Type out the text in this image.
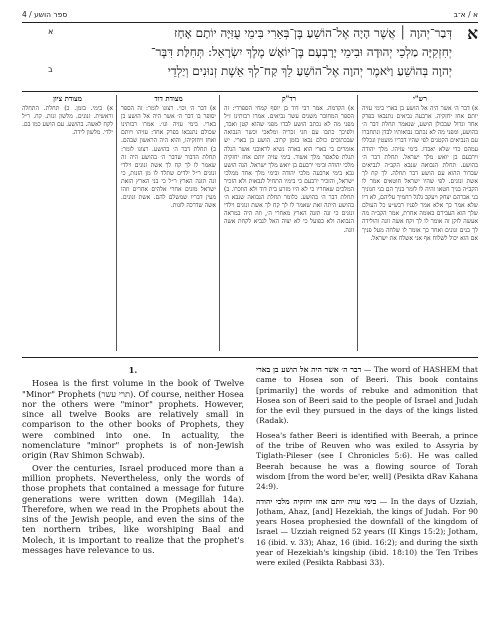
4 / ספר הושע	א / א־ב
א
א	דְּבַר־יְהוָה ׀ אֲשֶׁר הָיָה אֶל־הוֹשֵׁעַ בֶּן־בְּאֵרִי בִּימֵי עֻזִּיָּה יוֹתָם אָחָז
יְחִזְקִיָּה מַלְכֵי יְהוּדָה וּבִימֵי יָרָבְעָם בֶּן־יוֹאָשׁ מֶלֶךְ יִשְׂרָאֵל: תְּחִלַּת דִּבֶּר־
ב	יְהוָה בְּהוֹשֵׁעַ וַיֹּאמֶר יְהוָה אֶל־הוֹשֵׁעַ לֵךְ קַח־לְךָ אֵשֶׁת זְנוּנִים וְיַלְדֵי
רש"י
א) דבר ה׳ אשר היה אל הושע בן בארי בימי עזיה יותם אחז יחזקיה. ארבעה נביאים נתנבאו בפרק אחד וגדול שבכולן הושע, שנאמר תחלת דבר ה׳ בהושע, ומפני מה לא נכתבו נבואותיו לבדן ונתחברו עם הנביאים הקטנים לפי שהיו דבריו מועטין ונכללו עמהם כדי שלא יאבדו. בימי עזיהו. מלך יהודה וירבעם בן יואש מלך ישראל. תחלת דבר ה׳ בהושע. תחלת הנבואה שנבא הקב״ה לנביאים שבדור ההוא עם הושע דבר תחלה. לך קח לך אשת זנונים. לפי שהיו ישראל חוטאים אמר לו הקב״ה בניך חטאו והיה לו לומר בניך הם בני חנוניך בני אברהם יצחק ויעקב גלגל רחמיך עליהם, לא דיו שלא אמר כך אלא אמר לפניו רבש״ע כל העולם שלך הוא העבירם באומה אחרת, אמר הקב״ה מה אעשה לזקן זה אומר לו לך וקח אשה זונה והולידה לך בנים זנונים ואחר כך אומר לו שלחה מעל פניך אם הוא יכול לשלוח אף אני אשלח את ישראל.
רד"ק
א) הקדמה. אמר רבי דוד בן יוסף קמחי הספרדי: זה הספר המחובר משנים עשר נביאים. אמרו רבותינו ז״ל מפני מה לא נכתב הושע לבדו מפני שהוא קטן ואבד, ולפיכך כתבו עם חגי זכריה ומלאכי וכשר הנבואה שבכתובים כולם נבאו בזמן קרוב. הושע בן בארי. יש אומרים כי בארי הוא בארה נשיא לראובני אשר הגלה תגלת פלאסר מלך אשור. בימי עזיה יותם אחז יחזקיה מלכי יהודה ובימי ירבעם בן יואש מלך ישראל. הנה הושע נבא בימי ארבעה מלכי יהודה ובימי מלך אחד ממלכי ישראל, והזכיר ירבעם כי בימיו התחיל לנבאות ולא הזכיר המלכים שאחריו כי לא היו מזרע בית דוד ולא הוזכרו. ב) תחלת דבר ה׳ בהושע. כלומר תחלת הנבואה שנבא ה׳ בהושע היתה זאת שאמר לו לך קח לך אשת זנונים וילדי זנונים כי זנה תזנה הארץ מאחרי ה׳, וזה היה במראה הנבואה ולא בפועל כי לא יצוה האל לנביא לקחת אשה זונה.
מצודת דוד
א) דבר ה׳ וכו׳. רצונו לומר: זה הספר יסופר בו דבר ה׳ אשר היה אל הושע בן בארי. בימי עזיה וגו׳. אמרו רבותינו שכולם נתנבאו בפרק אחד: עזיהו ויותם ואחז ויחזקיהו, והוא היה הראשון שבהם. ב) תחלת דבר ה׳ בהושע. רצונו לומר: תחלת הדבור שדבר ה׳ בהושע היה זה שאמר לו לך קח לך אשת זנונים וילדי זנונים ר״ל ילדים שתלד לו מן הזנות, כי זנה תזנה הארץ ר״ל כי בני הארץ הזאת ישראל מזנים אחרי אלהים אחרים וזהו מעין דבריו שמשלם להם. אשת זנונים. אשה שדרכה לזנות.
מצודת ציון
א) בימי. בזמן. ב) תחלת. התחלה וראשית. זנונים. מלשון זנות. קח. ר״ל לקח לאשה. בהושע. עם הושע כמו בם. ילדי. מלשון לידה.
דבר ה׳ אשר היה אל הושע בן בארי — The word of HASHEM that came to Hosea son of Beeri. This book contains [primarily] the words of rebuke and admonition that Hosea son of Beeri said to the people of Israel and Judah for the evil they pursued in the days of the kings listed (Radak).
Hosea's father Beeri is identified with Beerah, a prince of the tribe of Reuven who was exiled to Assyria by Tiglath-Pileser (see I Chronicles 5:6). He was called Beerah because he was a flowing source of Torah wisdom [from the word be'er, well] (Pesikta dRav Kahana 24:9).
בימי עזיה יותם אחז יחזקיה מלכי יהודה — In the days of Uzziah, Jotham, Ahaz, [and] Hezekiah, the kings of Judah. For 90 years Hosea prophesied the downfall of the kingdom of Israel — Uzziah reigned 52 years (II Kings 15:2); Jotham, 16 (ibid. v. 33); Ahaz, 16 (ibid. 16:2); and during the sixth year of Hezekiah's kingship (ibid. 18:10) the Ten Tribes were exiled (Pesikta Rabbasi 33).
1.

Hosea is the first volume in the book of Twelve "Minor" Prophets (תרי עשר). Of course, neither Hosea nor the others were "minor" prophets. However, since all twelve Books are relatively small in comparison to the other books of Prophets, they were combined into one. In actuality, the nomenclature "minor" prophets is of non-Jewish origin (Rav Shimon Schwab).

Over the centuries, Israel produced more than a million prophets. Nevertheless, only the words of those prophets that contained a message for future generations were written down (Megillah 14a). Therefore, when we read in the Prophets about the sins of the Jewish people, and even the sins of the ten northern tribes, like worshiping Baal and Molech, it is important to realize that the prophet's messages have relevance to us.
